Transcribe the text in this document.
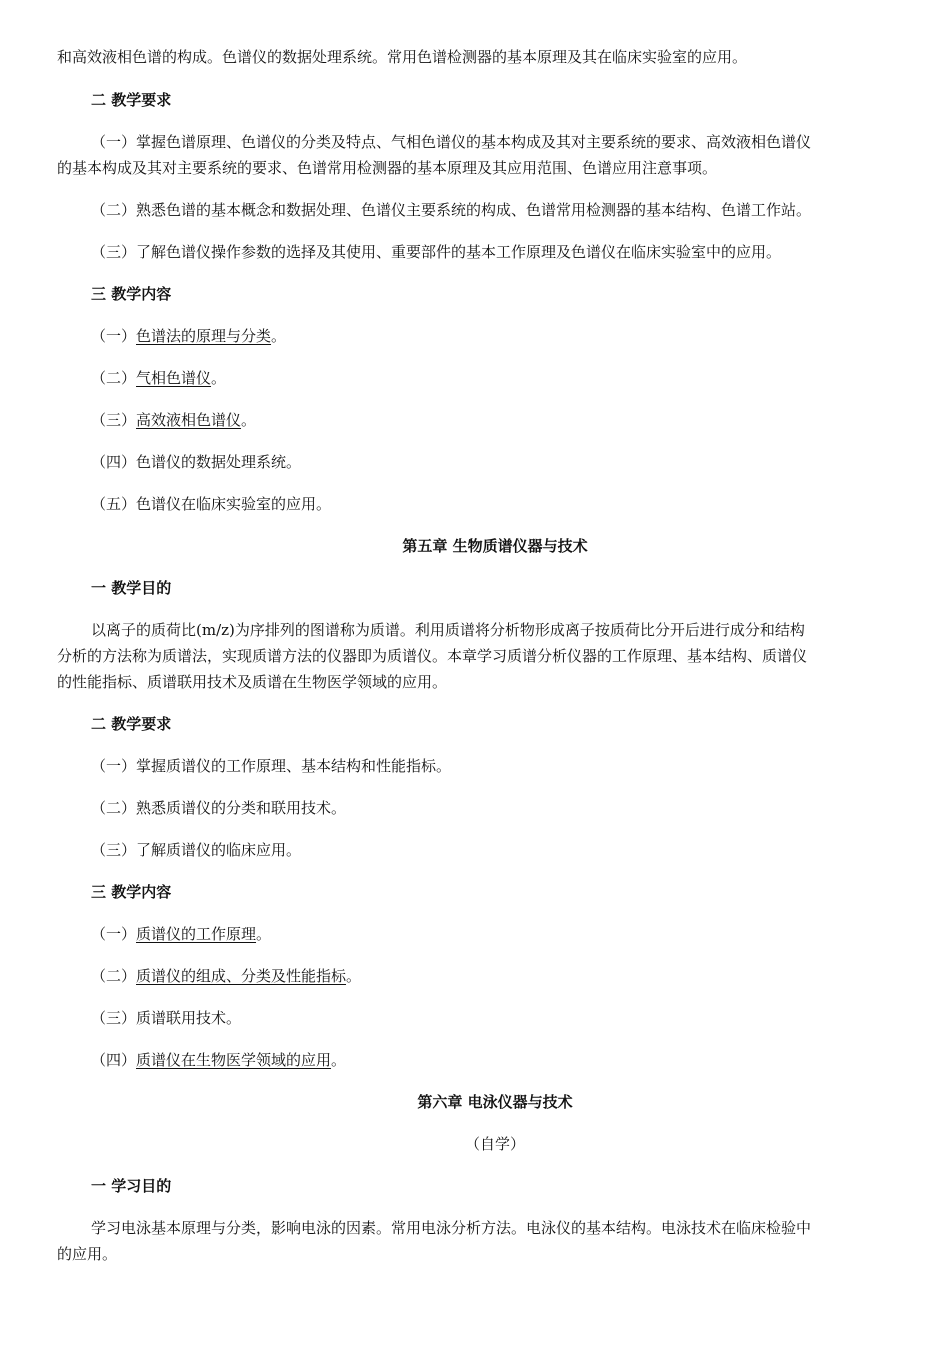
和高效液相色谱的构成。色谱仪的数据处理系统。常用色谱检测器的基本原理及其在临床实验室的应用。
二 教学要求
（一）掌握色谱原理、色谱仪的分类及特点、气相色谱仪的基本构成及其对主要系统的要求、高效液相色谱仪
的基本构成及其对主要系统的要求、色谱常用检测器的基本原理及其应用范围、色谱应用注意事项。
（二）熟悉色谱的基本概念和数据处理、色谱仪主要系统的构成、色谱常用检测器的基本结构、色谱工作站。
（三）了解色谱仪操作参数的选择及其使用、重要部件的基本工作原理及色谱仪在临床实验室中的应用。
三 教学内容
（一）色谱法的原理与分类。
（二）气相色谱仪。
（三）高效液相色谱仪。
（四）色谱仪的数据处理系统。
（五）色谱仪在临床实验室的应用。
第五章 生物质谱仪器与技术
一 教学目的
以离子的质荷比(m/z)为序排列的图谱称为质谱。利用质谱将分析物形成离子按质荷比分开后进行成分和结构
分析的方法称为质谱法，实现质谱方法的仪器即为质谱仪。本章学习质谱分析仪器的工作原理、基本结构、质谱仪
的性能指标、质谱联用技术及质谱在生物医学领域的应用。
二 教学要求
（一）掌握质谱仪的工作原理、基本结构和性能指标。
（二）熟悉质谱仪的分类和联用技术。
（三）了解质谱仪的临床应用。
三 教学内容
（一）质谱仪的工作原理。
（二）质谱仪的组成、分类及性能指标。
（三）质谱联用技术。
（四）质谱仪在生物医学领域的应用。
第六章 电泳仪器与技术
（自学）
一 学习目的
学习电泳基本原理与分类，影响电泳的因素。常用电泳分析方法。电泳仪的基本结构。电泳技术在临床检验中
的应用。
